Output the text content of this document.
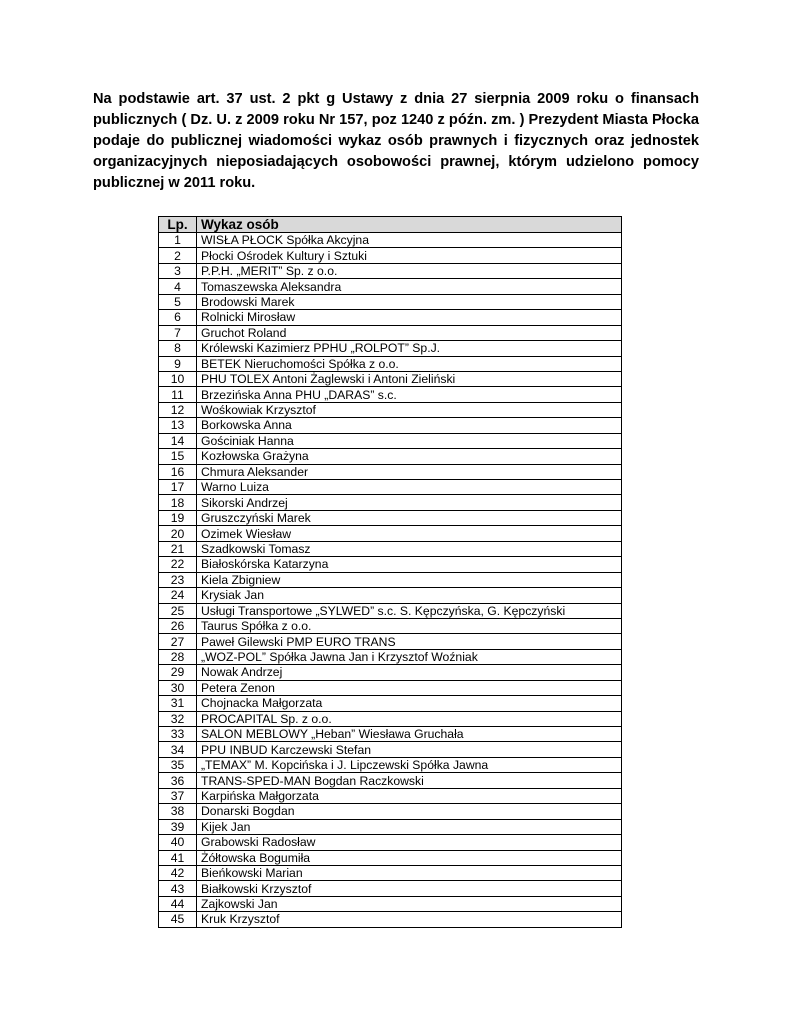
Na podstawie art. 37 ust. 2 pkt g Ustawy z dnia 27 sierpnia 2009 roku o finansach publicznych ( Dz. U. z 2009 roku Nr 157, poz 1240 z późn. zm. ) Prezydent Miasta Płocka podaje do publicznej wiadomości wykaz osób prawnych i fizycznych oraz jednostek organizacyjnych nieposiadających osobowości prawnej, którym udzielono pomocy publicznej w 2011 roku.

Lp.	Wykaz osób
1	WISŁA PŁOCK Spółka Akcyjna
2	Płocki Ośrodek Kultury i Sztuki
3	P.P.H. „MERIT” Sp. z o.o.
4	Tomaszewska Aleksandra
5	Brodowski Marek
6	Rolnicki Mirosław
7	Gruchot Roland
8	Królewski Kazimierz PPHU „ROLPOT” Sp.J.
9	BETEK Nieruchomości Spółka z o.o.
10	PHU TOLEX Antoni Żaglewski i Antoni Zieliński
11	Brzezińska Anna PHU „DARAS” s.c.
12	Wośkowiak Krzysztof
13	Borkowska Anna
14	Gościniak Hanna
15	Kozłowska Grażyna
16	Chmura Aleksander
17	Warno Luiza
18	Sikorski Andrzej
19	Gruszczyński Marek
20	Ozimek Wiesław
21	Szadkowski Tomasz
22	Białoskórska Katarzyna
23	Kiela Zbigniew
24	Krysiak Jan
25	Usługi Transportowe „SYLWED” s.c. S. Kępczyńska, G. Kępczyński
26	Taurus Spółka z o.o.
27	Paweł Gilewski PMP EURO TRANS
28	„WOZ-POL” Spółka Jawna Jan i Krzysztof Woźniak
29	Nowak Andrzej
30	Petera Zenon
31	Chojnacka Małgorzata
32	PROCAPITAL Sp. z o.o.
33	SALON MEBLOWY „Heban” Wiesława Gruchała
34	PPU INBUD Karczewski Stefan
35	„TEMAX” M. Kopcińska i J. Lipczewski Spółka Jawna
36	TRANS-SPED-MAN Bogdan Raczkowski
37	Karpińska Małgorzata
38	Donarski Bogdan
39	Kijek Jan
40	Grabowski Radosław
41	Żółtowska Bogumiła
42	Bieńkowski Marian
43	Białkowski Krzysztof
44	Zajkowski Jan
45	Kruk Krzysztof
